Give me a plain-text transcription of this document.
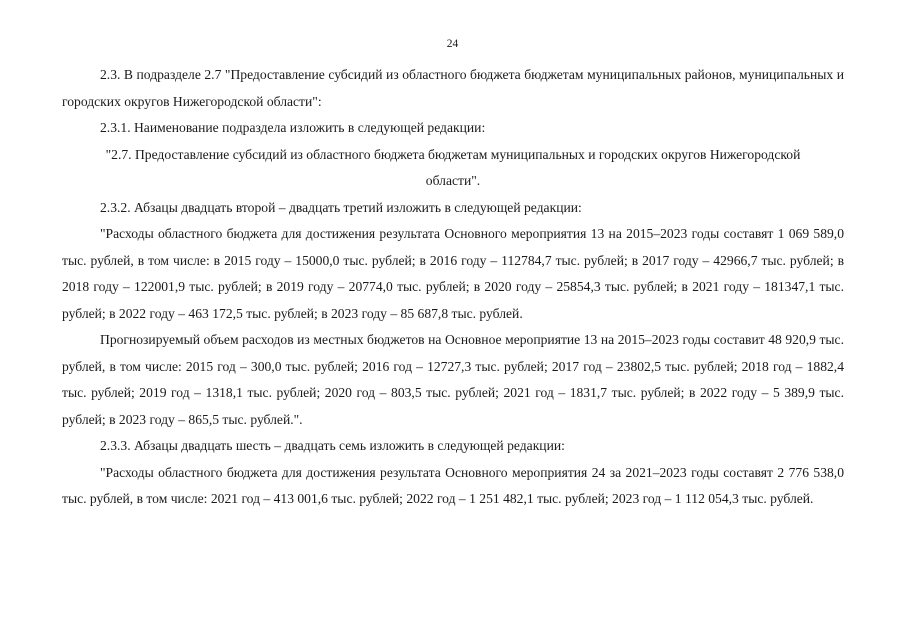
24

2.3. В подразделе 2.7 "Предоставление субсидий из областного бюджета бюджетам муниципальных районов, муниципальных и городских округов Нижегородской области":

2.3.1. Наименование подраздела изложить в следующей редакции:

"2.7. Предоставление субсидий из областного бюджета бюджетам муниципальных и городских округов Нижегородской области".

2.3.2. Абзацы двадцать второй – двадцать третий изложить в следующей редакции:

"Расходы областного бюджета для достижения результата Основного мероприятия 13 на 2015–2023 годы составят 1 069 589,0 тыс. рублей, в том числе: в 2015 году – 15000,0 тыс. рублей; в 2016 году – 112784,7 тыс. рублей; в 2017 году – 42966,7 тыс. рублей; в 2018 году – 122001,9 тыс. рублей; в 2019 году – 20774,0 тыс. рублей; в 2020 году – 25854,3 тыс. рублей; в 2021 году – 181347,1 тыс. рублей; в 2022 году – 463 172,5 тыс. рублей; в 2023 году – 85 687,8 тыс. рублей.

Прогнозируемый объем расходов из местных бюджетов на Основное мероприятие 13 на 2015–2023 годы составит 48 920,9 тыс. рублей, в том числе: 2015 год – 300,0 тыс. рублей; 2016 год – 12727,3 тыс. рублей; 2017 год – 23802,5 тыс. рублей; 2018 год – 1882,4 тыс. рублей; 2019 год – 1318,1 тыс. рублей; 2020 год – 803,5 тыс. рублей; 2021 год – 1831,7 тыс. рублей; в 2022 году – 5 389,9 тыс. рублей; в 2023 году – 865,5 тыс. рублей.".

2.3.3. Абзацы двадцать шесть – двадцать семь изложить в следующей редакции:

"Расходы областного бюджета для достижения результата Основного мероприятия 24 за 2021–2023 годы составят 2 776 538,0 тыс. рублей, в том числе: 2021 год – 413 001,6 тыс. рублей; 2022 год – 1 251 482,1 тыс. рублей; 2023 год – 1 112 054,3 тыс. рублей.
